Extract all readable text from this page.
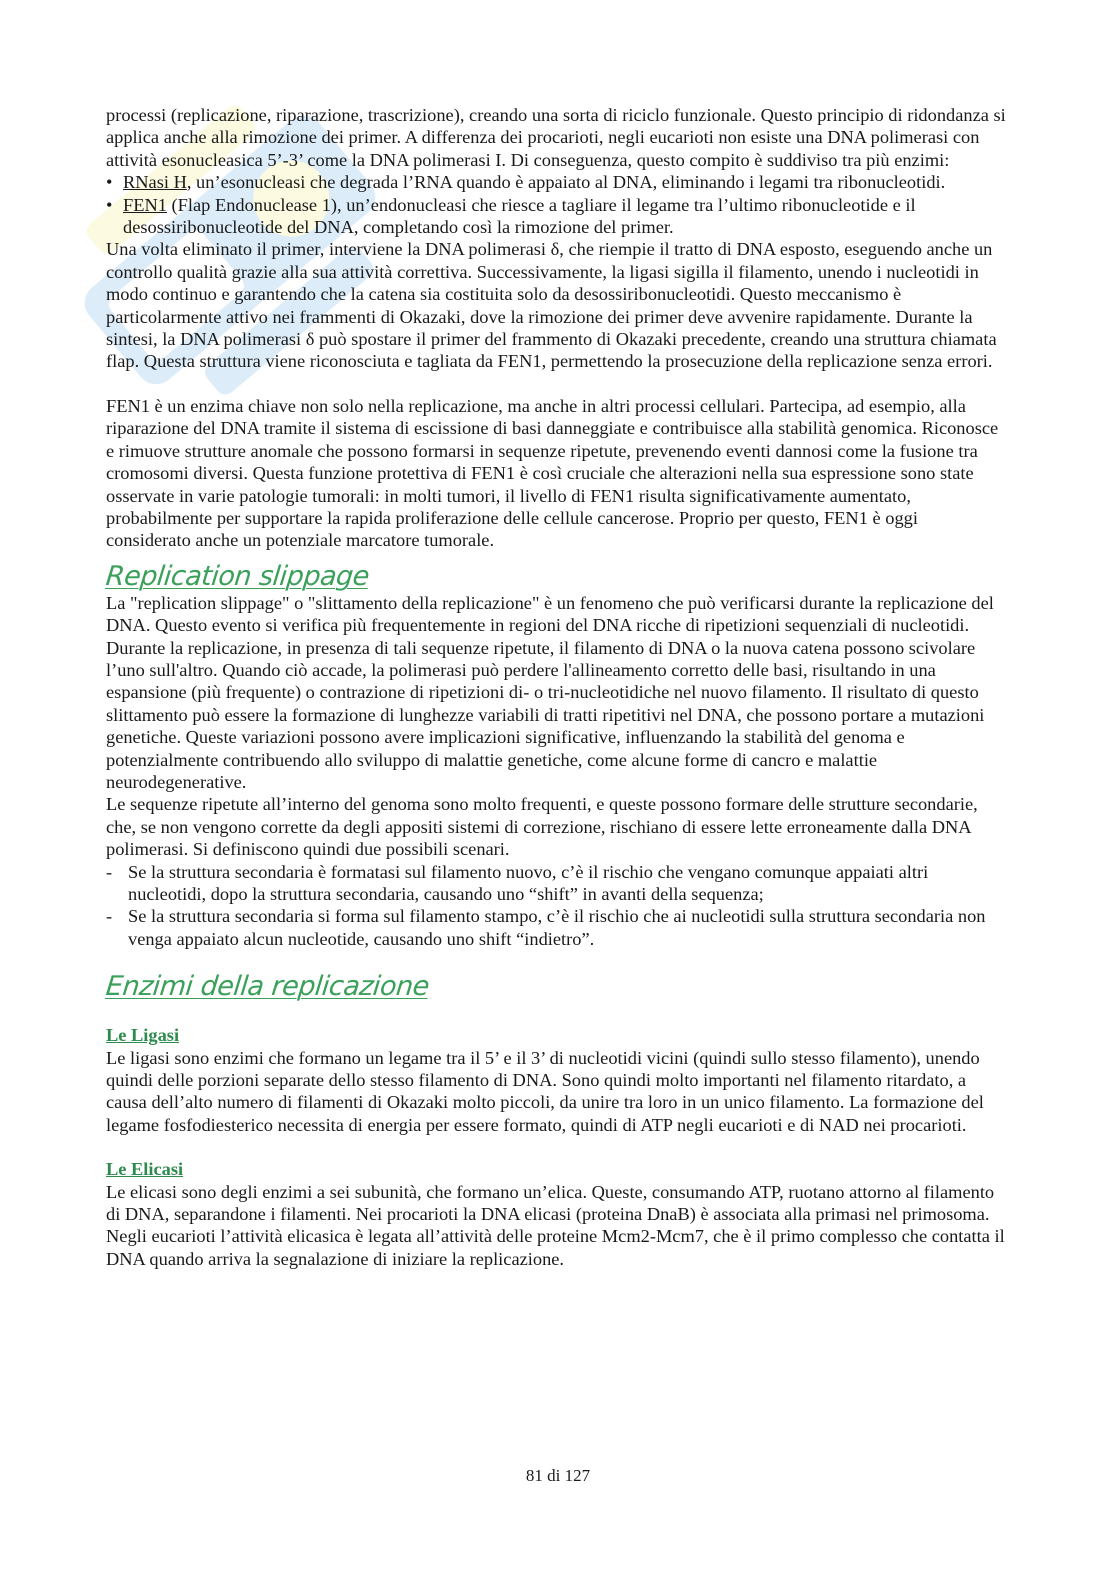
processi (replicazione, riparazione, trascrizione), creando una sorta di riciclo funzionale. Questo principio di ridondanza si applica anche alla rimozione dei primer. A differenza dei procarioti, negli eucarioti non esiste una DNA polimerasi con attività esonucleasica 5’-3’ come la DNA polimerasi I. Di conseguenza, questo compito è suddiviso tra più enzimi:

• RNasi H, un’esonucleasi che degrada l’RNA quando è appaiato al DNA, eliminando i legami tra ribonucleotidi.
• FEN1 (Flap Endonuclease 1), un’endonucleasi che riesce a tagliare il legame tra l’ultimo ribonucleotide e il desossiribonucleotide del DNA, completando così la rimozione del primer.

Una volta eliminato il primer, interviene la DNA polimerasi δ, che riempie il tratto di DNA esposto, eseguendo anche un controllo qualità grazie alla sua attività correttiva. Successivamente, la ligasi sigilla il filamento, unendo i nucleotidi in modo continuo e garantendo che la catena sia costituita solo da desossiribonucleotidi. Questo meccanismo è particolarmente attivo nei frammenti di Okazaki, dove la rimozione dei primer deve avvenire rapidamente. Durante la sintesi, la DNA polimerasi δ può spostare il primer del frammento di Okazaki precedente, creando una struttura chiamata flap. Questa struttura viene riconosciuta e tagliata da FEN1, permettendo la prosecuzione della replicazione senza errori.

FEN1 è un enzima chiave non solo nella replicazione, ma anche in altri processi cellulari. Partecipa, ad esempio, alla riparazione del DNA tramite il sistema di escissione di basi danneggiate e contribuisce alla stabilità genomica. Riconosce e rimuove strutture anomale che possono formarsi in sequenze ripetute, prevenendo eventi dannosi come la fusione tra cromosomi diversi. Questa funzione protettiva di FEN1 è così cruciale che alterazioni nella sua espressione sono state osservate in varie patologie tumorali: in molti tumori, il livello di FEN1 risulta significativamente aumentato, probabilmente per supportare la rapida proliferazione delle cellule cancerose. Proprio per questo, FEN1 è oggi considerato anche un potenziale marcatore tumorale.

Replication slippage

La "replication slippage" o "slittamento della replicazione" è un fenomeno che può verificarsi durante la replicazione del DNA. Questo evento si verifica più frequentemente in regioni del DNA ricche di ripetizioni sequenziali di nucleotidi. Durante la replicazione, in presenza di tali sequenze ripetute, il filamento di DNA o la nuova catena possono scivolare l’uno sull'altro. Quando ciò accade, la polimerasi può perdere l'allineamento corretto delle basi, risultando in una espansione (più frequente) o contrazione di ripetizioni di- o tri-nucleotidiche nel nuovo filamento. Il risultato di questo slittamento può essere la formazione di lunghezze variabili di tratti ripetitivi nel DNA, che possono portare a mutazioni genetiche. Queste variazioni possono avere implicazioni significative, influenzando la stabilità del genoma e potenzialmente contribuendo allo sviluppo di malattie genetiche, come alcune forme di cancro e malattie neurodegenerative.

Le sequenze ripetute all’interno del genoma sono molto frequenti, e queste possono formare delle strutture secondarie, che, se non vengono corrette da degli appositi sistemi di correzione, rischiano di essere lette erroneamente dalla DNA polimerasi. Si definiscono quindi due possibili scenari.

- Se la struttura secondaria è formatasi sul filamento nuovo, c’è il rischio che vengano comunque appaiati altri nucleotidi, dopo la struttura secondaria, causando uno “shift” in avanti della sequenza;
- Se la struttura secondaria si forma sul filamento stampo, c’è il rischio che ai nucleotidi sulla struttura secondaria non venga appaiato alcun nucleotide, causando uno shift “indietro”.
Enzimi della replicazione
Le Ligasi

Le ligasi sono enzimi che formano un legame tra il 5’ e il 3’ di nucleotidi vicini (quindi sullo stesso filamento), unendo quindi delle porzioni separate dello stesso filamento di DNA. Sono quindi molto importanti nel filamento ritardato, a causa dell’alto numero di filamenti di Okazaki molto piccoli, da unire tra loro in un unico filamento. La formazione del legame fosfodiesterico necessita di energia per essere formato, quindi di ATP negli eucarioti e di NAD nei procarioti.

Le Elicasi

Le elicasi sono degli enzimi a sei subunità, che formano un’elica. Queste, consumando ATP, ruotano attorno al filamento di DNA, separandone i filamenti. Nei procarioti la DNA elicasi (proteina DnaB) è associata alla primasi nel primosoma. Negli eucarioti l’attività elicasica è legata all’attività delle proteine Mcm2-Mcm7, che è il primo complesso che contatta il DNA quando arriva la segnalazione di iniziare la replicazione.

81 di 127
